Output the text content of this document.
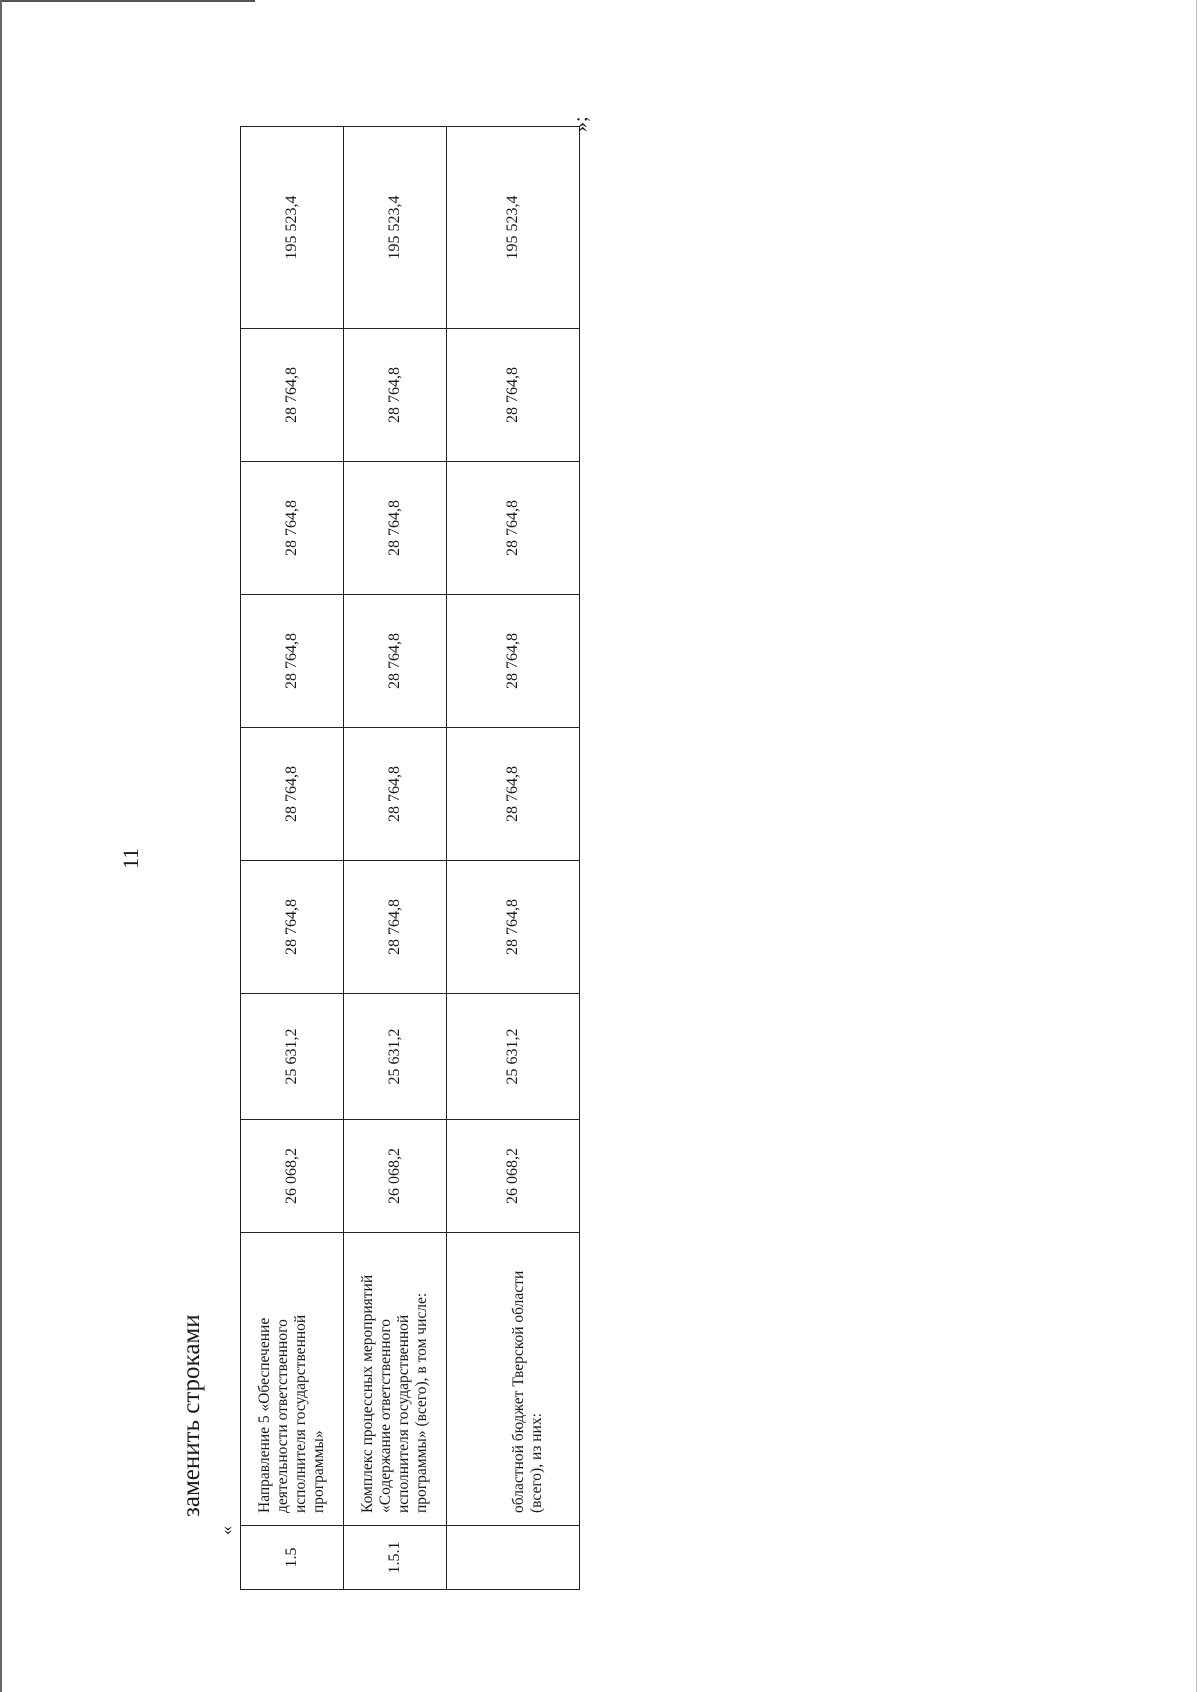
11
заменить строками
«
1.5	Направление 5 «Обеспечение деятельности ответственного исполнителя государственной программы»	26 068,2	25 631,2	28 764,8	28 764,8	28 764,8	28 764,8	28 764,8	195 523,4
1.5.1	Комплекс процессных мероприятий «Содержание ответственного исполнителя государственной программы» (всего), в том числе:	26 068,2	25 631,2	28 764,8	28 764,8	28 764,8	28 764,8	28 764,8	195 523,4
	областной бюджет Тверской области (всего), из них:	26 068,2	25 631,2	28 764,8	28 764,8	28 764,8	28 764,8	28 764,8	195 523,4
»;
